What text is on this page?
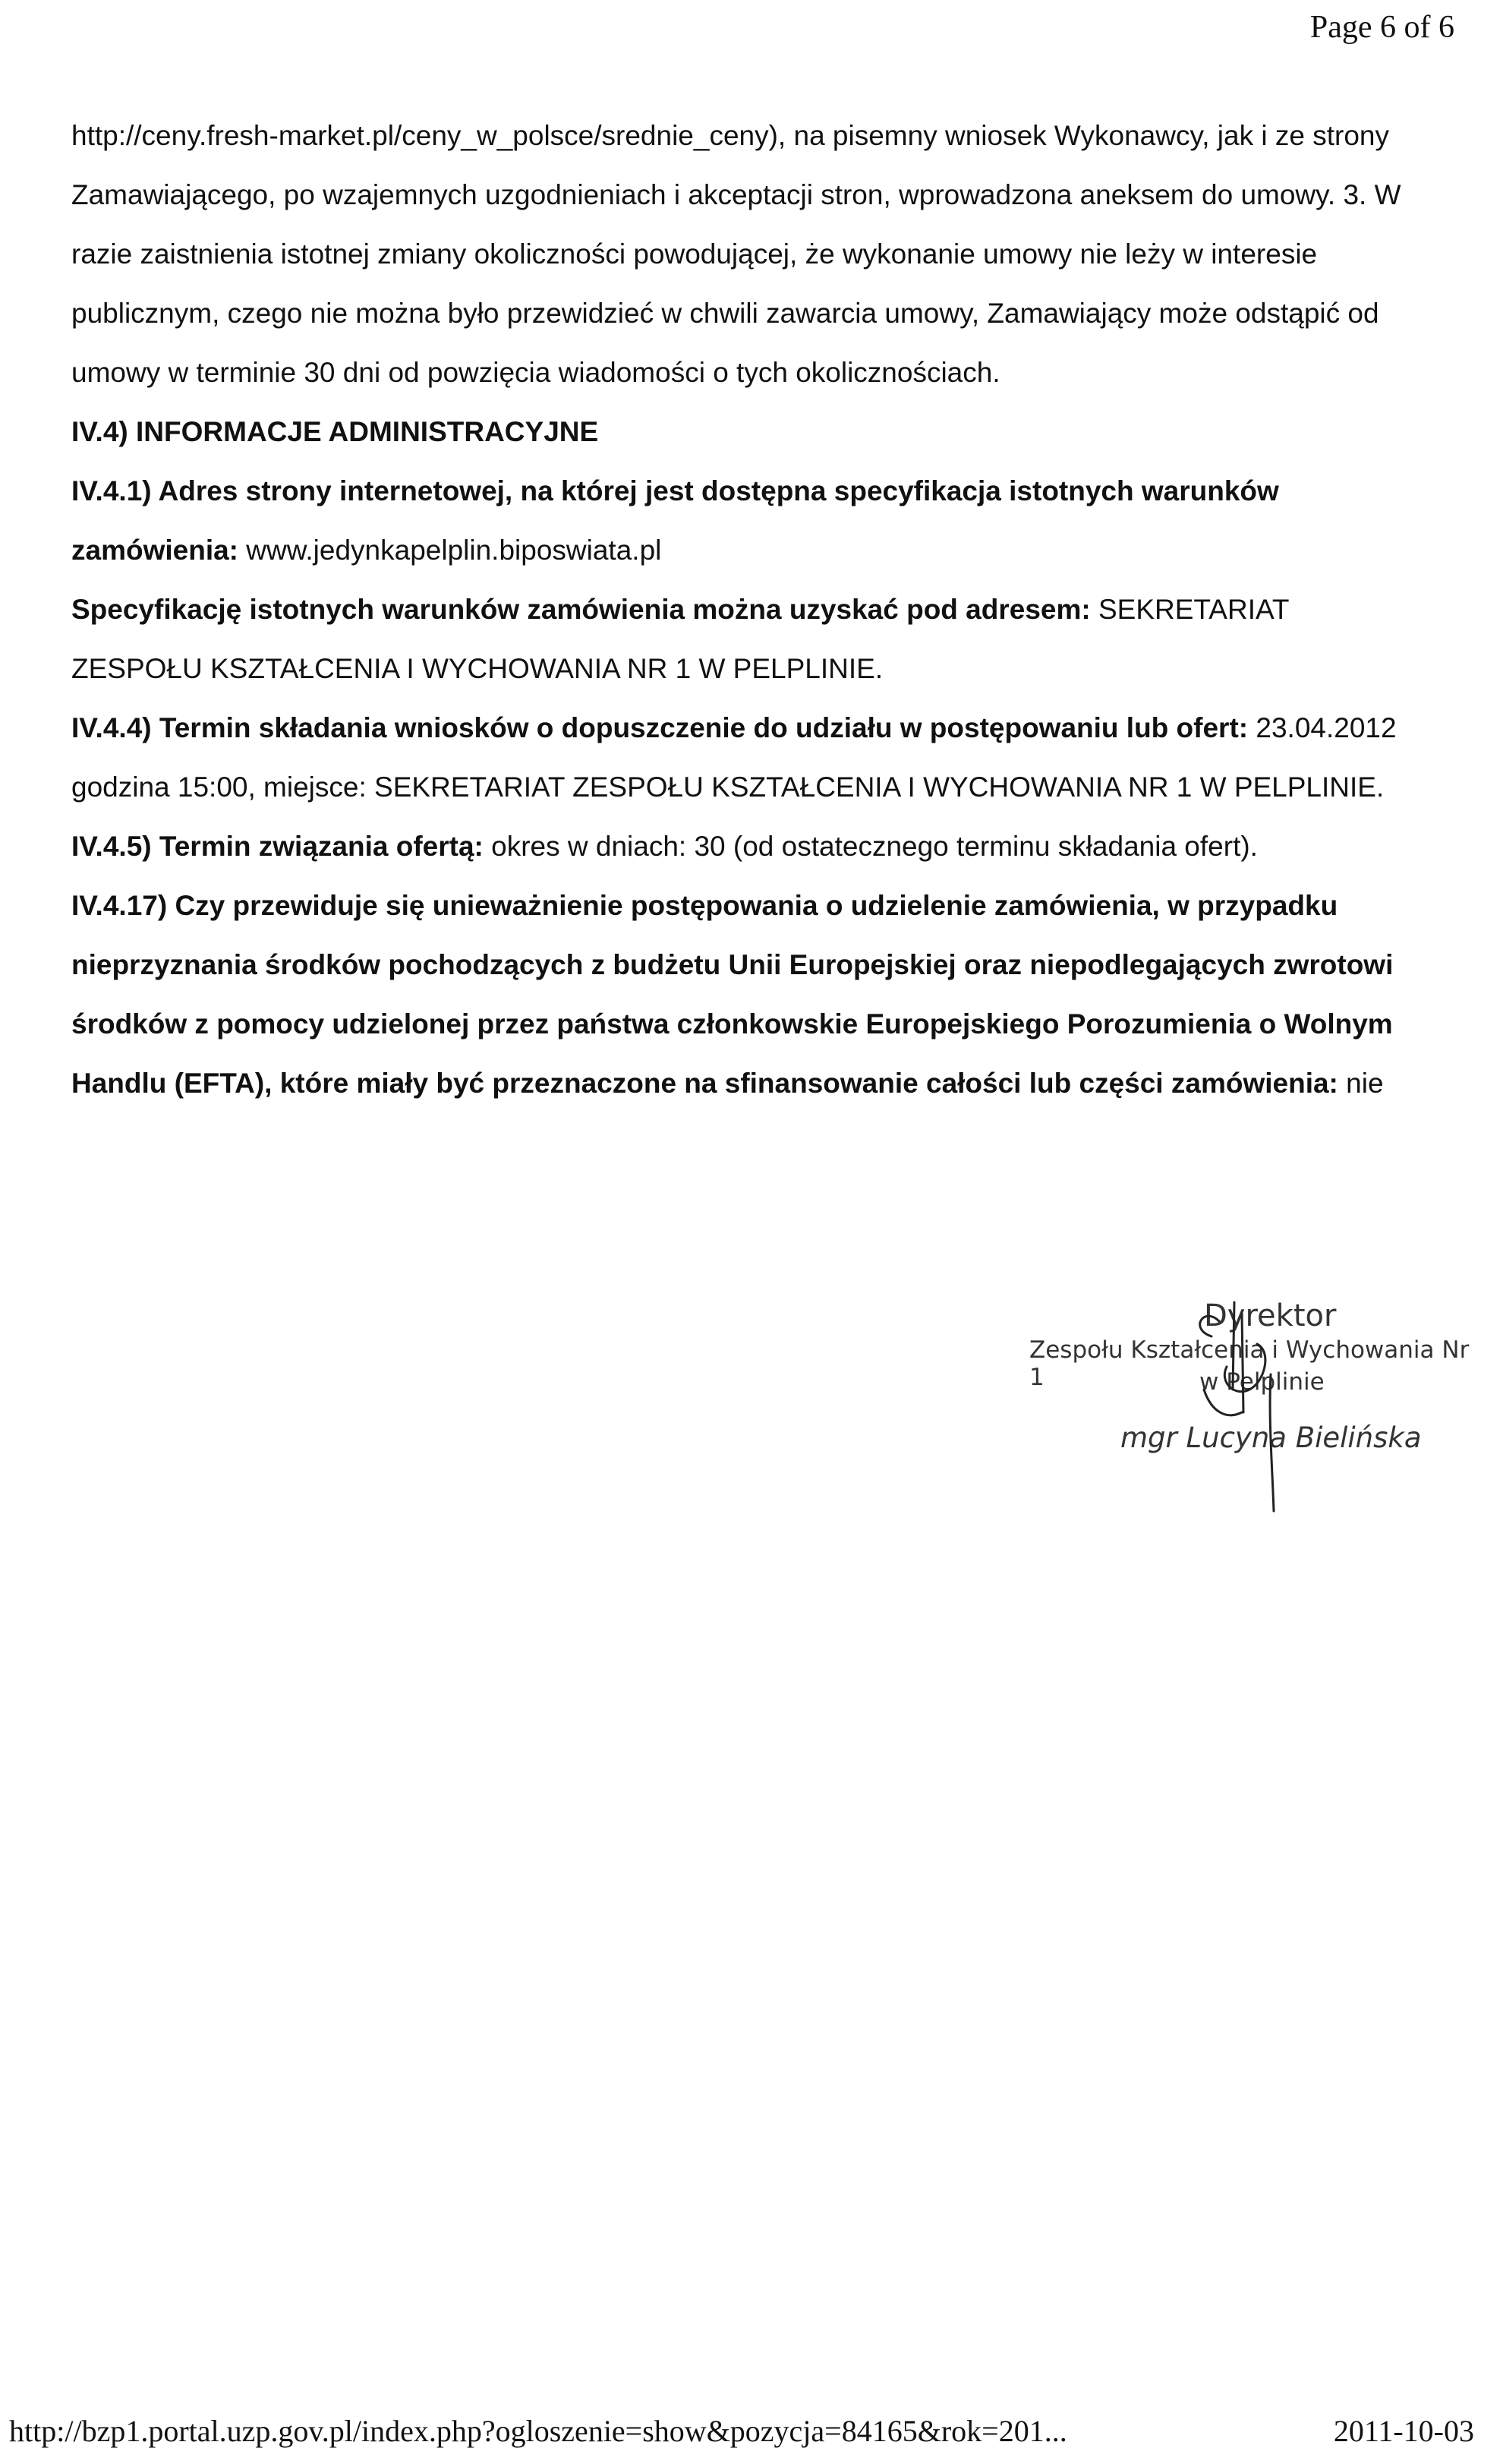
Page 6 of 6
http://ceny.fresh-market.pl/ceny_w_polsce/srednie_ceny), na pisemny wniosek Wykonawcy, jak i ze strony
Zamawiającego, po wzajemnych uzgodnieniach i akceptacji stron, wprowadzona aneksem do umowy. 3. W
razie zaistnienia istotnej zmiany okoliczności powodującej, że wykonanie umowy nie leży w interesie
publicznym, czego nie można było przewidzieć w chwili zawarcia umowy, Zamawiający może odstąpić od
umowy w terminie 30 dni od powzięcia wiadomości o tych okolicznościach.
IV.4) INFORMACJE ADMINISTRACYJNE
IV.4.1) Adres strony internetowej, na której jest dostępna specyfikacja istotnych warunków
zamówienia: www.jedynkapelplin.biposwiata.pl
Specyfikację istotnych warunków zamówienia można uzyskać pod adresem: SEKRETARIAT
ZESPOŁU KSZTAŁCENIA I WYCHOWANIA NR 1 W PELPLINIE.
IV.4.4) Termin składania wniosków o dopuszczenie do udziału w postępowaniu lub ofert: 23.04.2012
godzina 15:00, miejsce: SEKRETARIAT ZESPOŁU KSZTAŁCENIA I WYCHOWANIA NR 1 W PELPLINIE.
IV.4.5) Termin związania ofertą: okres w dniach: 30 (od ostatecznego terminu składania ofert).
IV.4.17) Czy przewiduje się unieważnienie postępowania o udzielenie zamówienia, w przypadku
nieprzyznania środków pochodzących z budżetu Unii Europejskiej oraz niepodlegających zwrotowi
środków z pomocy udzielonej przez państwa członkowskie Europejskiego Porozumienia o Wolnym
Handlu (EFTA), które miały być przeznaczone na sfinansowanie całości lub części zamówienia: nie
Dyrektor
Zespołu Kształcenia i Wychowania Nr 1	w Pelplinie
mgr Lucyna Bielińska
http://bzp1.portal.uzp.gov.pl/index.php?ogloszenie=show&pozycja=84165&rok=201...	2011-10-03
